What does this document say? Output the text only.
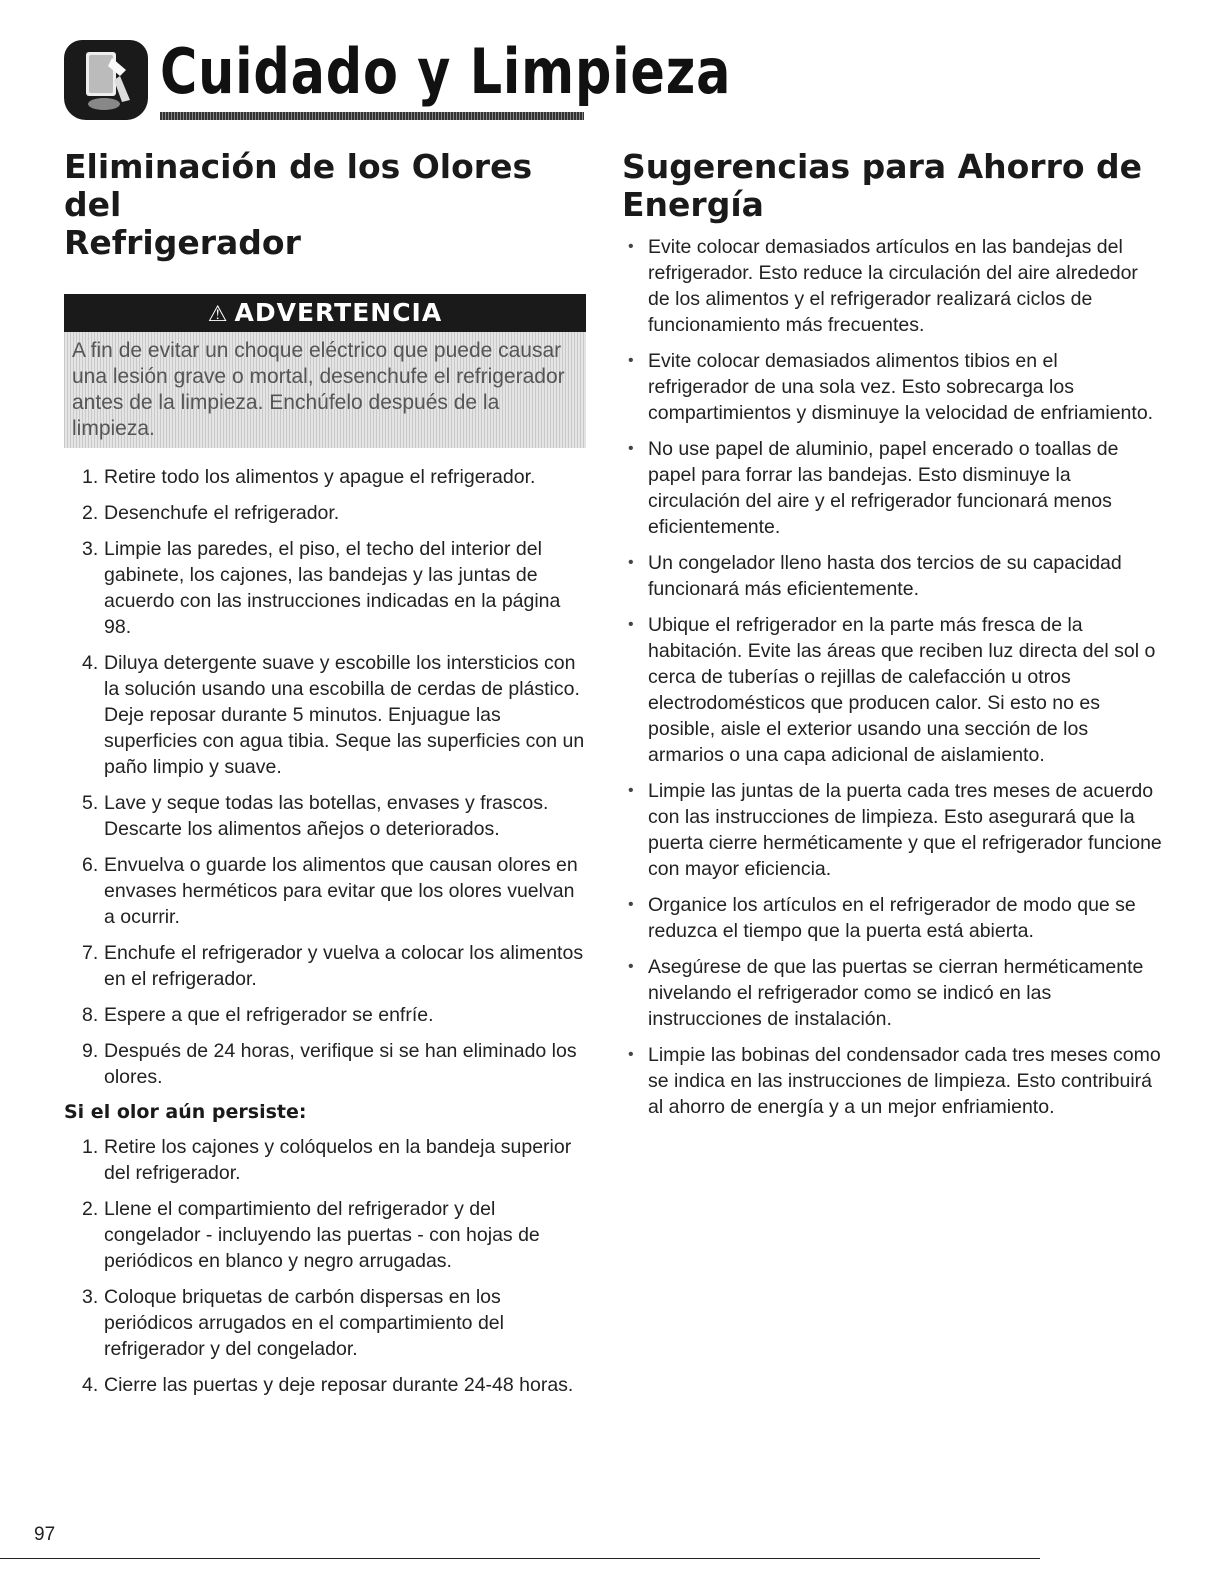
Cuidado y Limpieza
Eliminación de los Olores del
Refrigerador
⚠ ADVERTENCIA
A fin de evitar un choque eléctrico que puede causar una lesión grave o mortal, desenchufe el refrigerador antes de la limpieza. Enchúfelo después de la limpieza.
1. Retire todo los alimentos y apague el refrigerador.
2. Desenchufe el refrigerador.
3. Limpie las paredes, el piso, el techo del interior del gabinete, los cajones, las bandejas y las juntas de acuerdo con las instrucciones indicadas en la página 98.
4. Diluya detergente suave y escobille los intersticios con la solución usando una escobilla de cerdas de plástico. Deje reposar durante 5 minutos. Enjuague las superficies con agua tibia. Seque las superficies con un paño limpio y suave.
5. Lave y seque todas las botellas, envases y frascos. Descarte los alimentos añejos o deteriorados.
6. Envuelva o guarde los alimentos que causan olores en envases herméticos para evitar que los olores vuelvan a ocurrir.
7. Enchufe el refrigerador y vuelva a colocar los alimentos en el refrigerador.
8. Espere a que el refrigerador se enfríe.
9. Después de 24 horas, verifique si se han eliminado los olores.
Si el olor aún persiste:
1. Retire los cajones y colóquelos en la bandeja superior del refrigerador.
2. Llene el compartimiento del refrigerador y del congelador - incluyendo las puertas - con hojas de periódicos en blanco y negro arrugadas.
3. Coloque briquetas de carbón dispersas en los periódicos arrugados en el compartimiento del refrigerador y del congelador.
4. Cierre las puertas y deje reposar durante 24-48 horas.
Sugerencias para Ahorro de
Energía
• Evite colocar demasiados artículos en las bandejas del refrigerador. Esto reduce la circulación del aire alrededor de los alimentos y el refrigerador realizará ciclos de funcionamiento más frecuentes.
• Evite colocar demasiados alimentos tibios en el refrigerador de una sola vez. Esto sobrecarga los compartimientos y disminuye la velocidad de enfriamiento.
• No use papel de aluminio, papel encerado o toallas de papel para forrar las bandejas. Esto disminuye la circulación del aire y el refrigerador funcionará menos eficientemente.
• Un congelador lleno hasta dos tercios de su capacidad funcionará más eficientemente.
• Ubique el refrigerador en la parte más fresca de la habitación. Evite las áreas que reciben luz directa del sol o cerca de tuberías o rejillas de calefacción u otros electrodomésticos que producen calor. Si esto no es posible, aisle el exterior usando una sección de los armarios o una capa adicional de aislamiento.
• Limpie las juntas de la puerta cada tres meses de acuerdo con las instrucciones de limpieza. Esto asegurará que la puerta cierre herméticamente y que el refrigerador funcione con mayor eficiencia.
• Organice los artículos en el refrigerador de modo que se reduzca el tiempo que la puerta está abierta.
• Asegúrese de que las puertas se cierran herméticamente nivelando el refrigerador como se indicó en las instrucciones de instalación.
• Limpie las bobinas del condensador cada tres meses como se indica en las instrucciones de limpieza. Esto contribuirá al ahorro de energía y a un mejor enfriamiento.
97
